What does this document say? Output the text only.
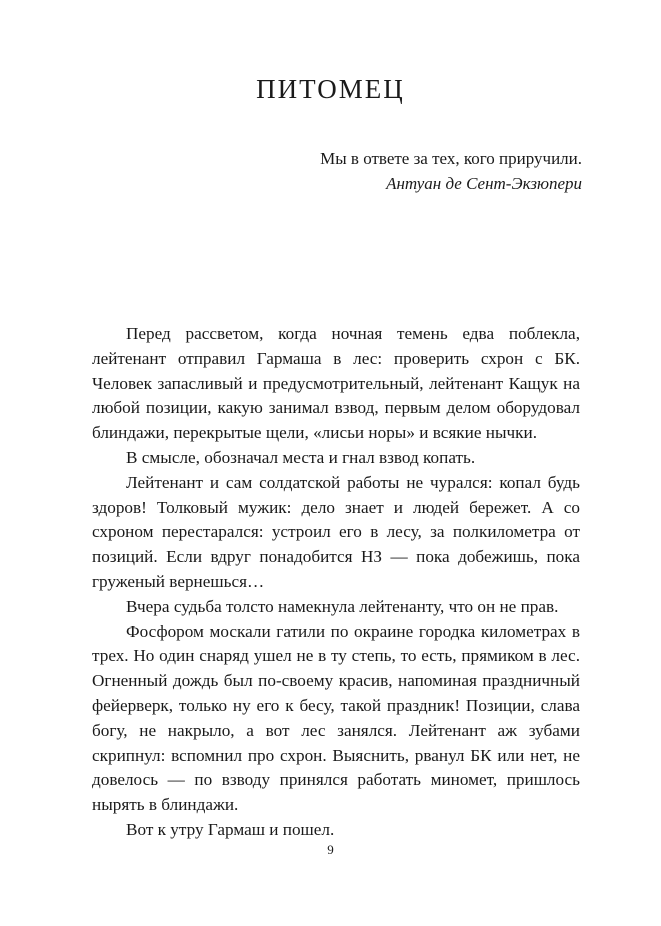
ПИТОМЕЦ
Мы в ответе за тех, кого приручили.
Антуан де Сент-Экзюпери

Перед рассветом, когда ночная темень едва поблекла, лейтенант отправил Гармаша в лес: проверить схрон с БК. Человек запасливый и предусмотрительный, лейтенант Кащук на любой позиции, какую занимал взвод, первым делом оборудовал блиндажи, перекрытые щели, «лисьи норы» и всякие нычки.

В смысле, обозначал места и гнал взвод копать.

Лейтенант и сам солдатской работы не чурался: копал будь здоров! Толковый мужик: дело знает и людей бережет. А со схроном перестарался: устроил его в лесу, за полкилометра от позиций. Если вдруг понадобится НЗ — пока добежишь, пока груженый вернешься…

Вчера судьба толсто намекнула лейтенанту, что он не прав.

Фосфором москали гатили по окраине городка километрах в трех. Но один снаряд ушел не в ту степь, то есть, прямиком в лес. Огненный дождь был по-своему красив, напоминая праздничный фейерверк, только ну его к бесу, такой праздник! Позиции, слава богу, не накрыло, а вот лес занялся. Лейтенант аж зубами скрипнул: вспомнил про схрон. Выяснить, рванул БК или нет, не довелось — по взводу принялся работать миномет, пришлось нырять в блиндажи.

Вот к утру Гармаш и пошел.

9
